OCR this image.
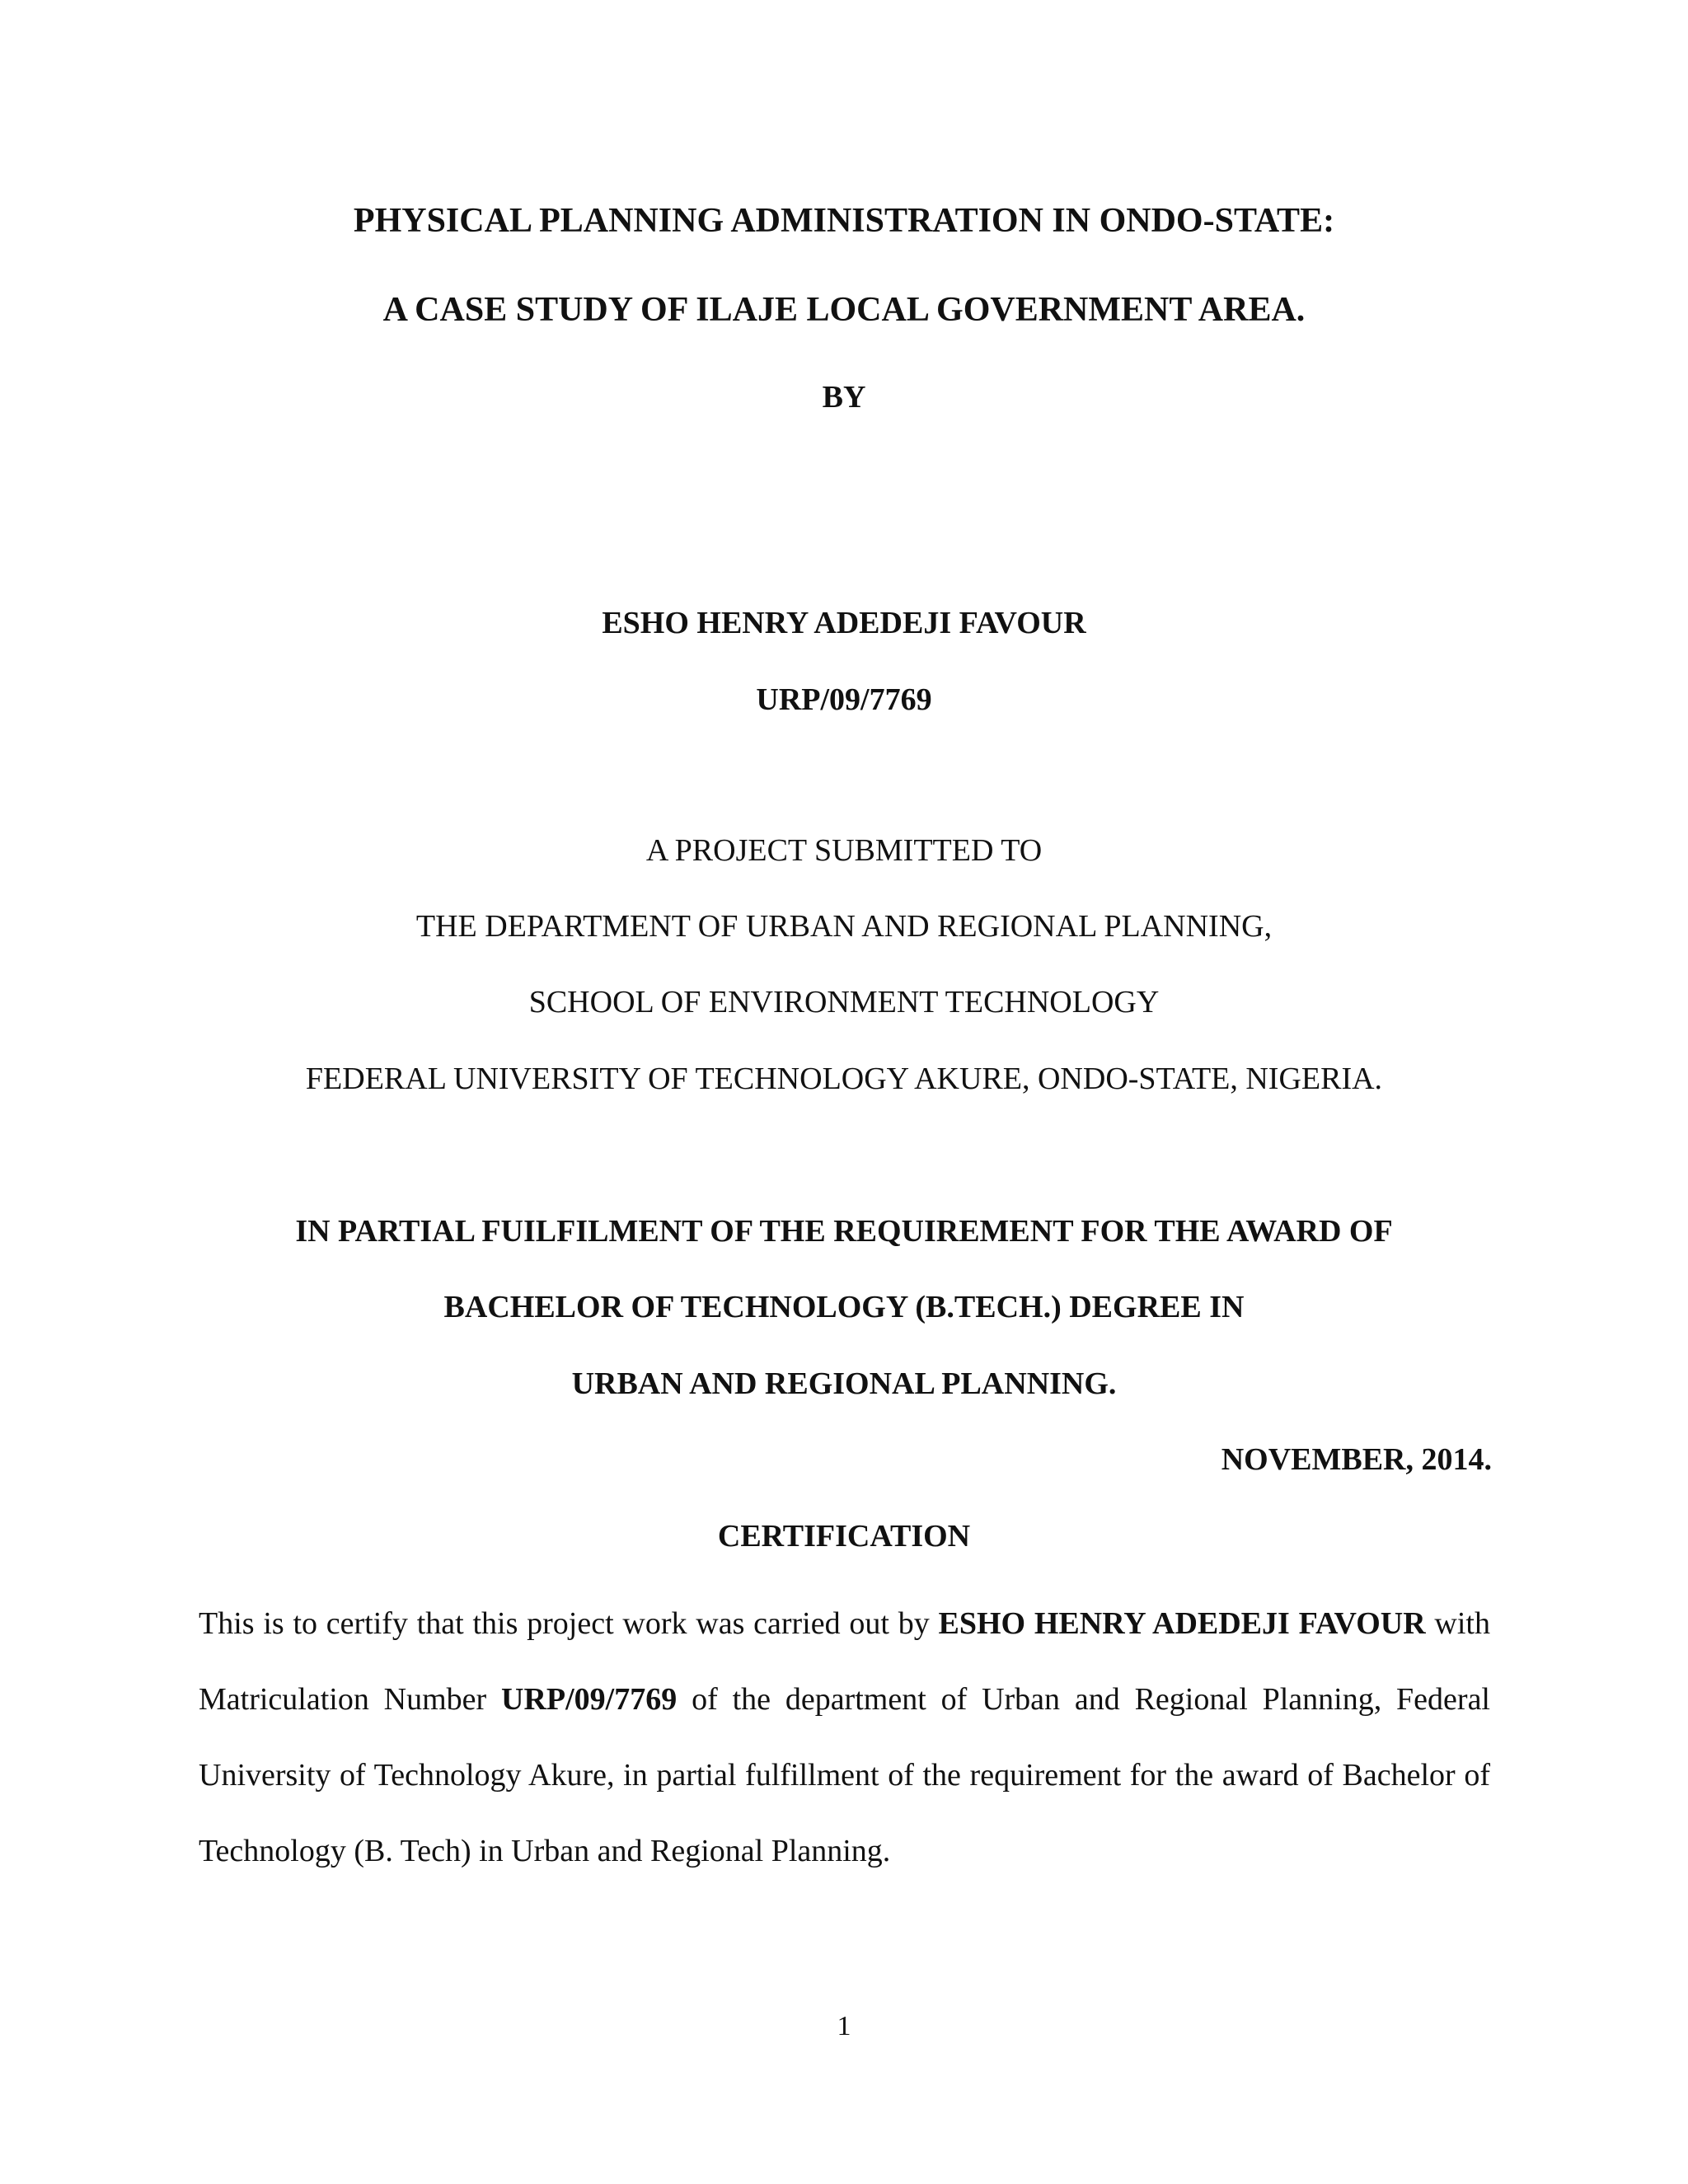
PHYSICAL PLANNING ADMINISTRATION IN ONDO-STATE:
A CASE STUDY OF ILAJE LOCAL GOVERNMENT AREA.
BY
ESHO HENRY ADEDEJI FAVOUR
URP/09/7769
A PROJECT SUBMITTED TO
THE DEPARTMENT OF URBAN AND REGIONAL PLANNING,
SCHOOL OF ENVIRONMENT TECHNOLOGY
FEDERAL UNIVERSITY OF TECHNOLOGY AKURE, ONDO-STATE, NIGERIA.
IN PARTIAL FUILFILMENT OF THE REQUIREMENT FOR THE AWARD OF
BACHELOR OF TECHNOLOGY (B.TECH.) DEGREE IN
URBAN AND REGIONAL PLANNING.
NOVEMBER, 2014.
CERTIFICATION
This is to certify that this project work was carried out by ESHO HENRY ADEDEJI FAVOUR with Matriculation Number URP/09/7769 of the department of Urban and Regional Planning, Federal University of Technology Akure, in partial fulfillment of the requirement for the award of Bachelor of Technology (B. Tech) in Urban and Regional Planning.
1
